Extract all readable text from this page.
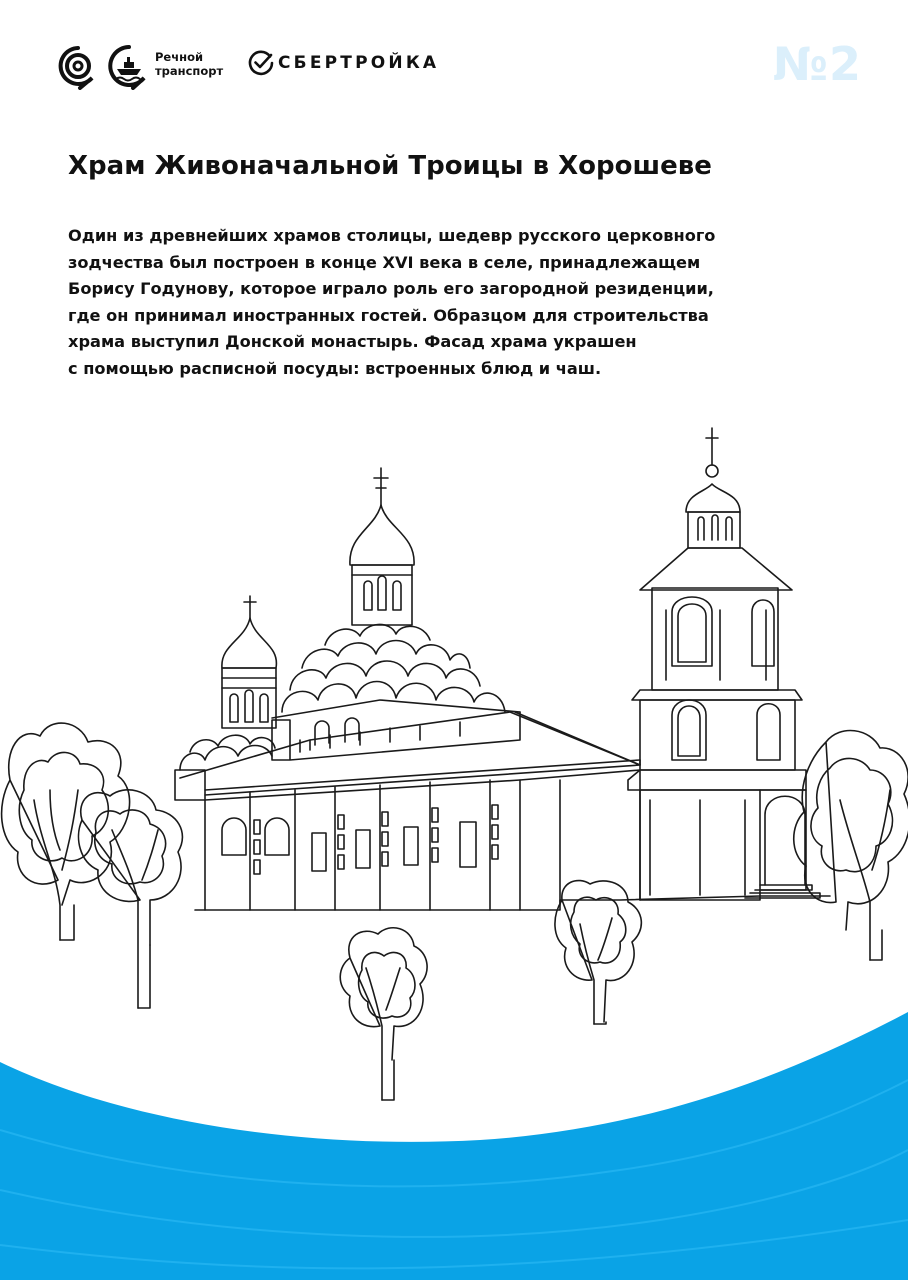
Речной
транспорт	СБЕРТРОЙКА	№2
Храм Живоначальной Троицы в Хорошеве
Один из древнейших храмов столицы, шедевр русского церковного
зодчества был построен в конце XVI века в селе, принадлежащем
Борису Годунову, которое играло роль его загородной резиденции,
где он принимал иностранных гостей. Образцом для строительства
храма выступил Донской монастырь. Фасад храма украшен
с помощью расписной посуды: встроенных блюд и чаш.
